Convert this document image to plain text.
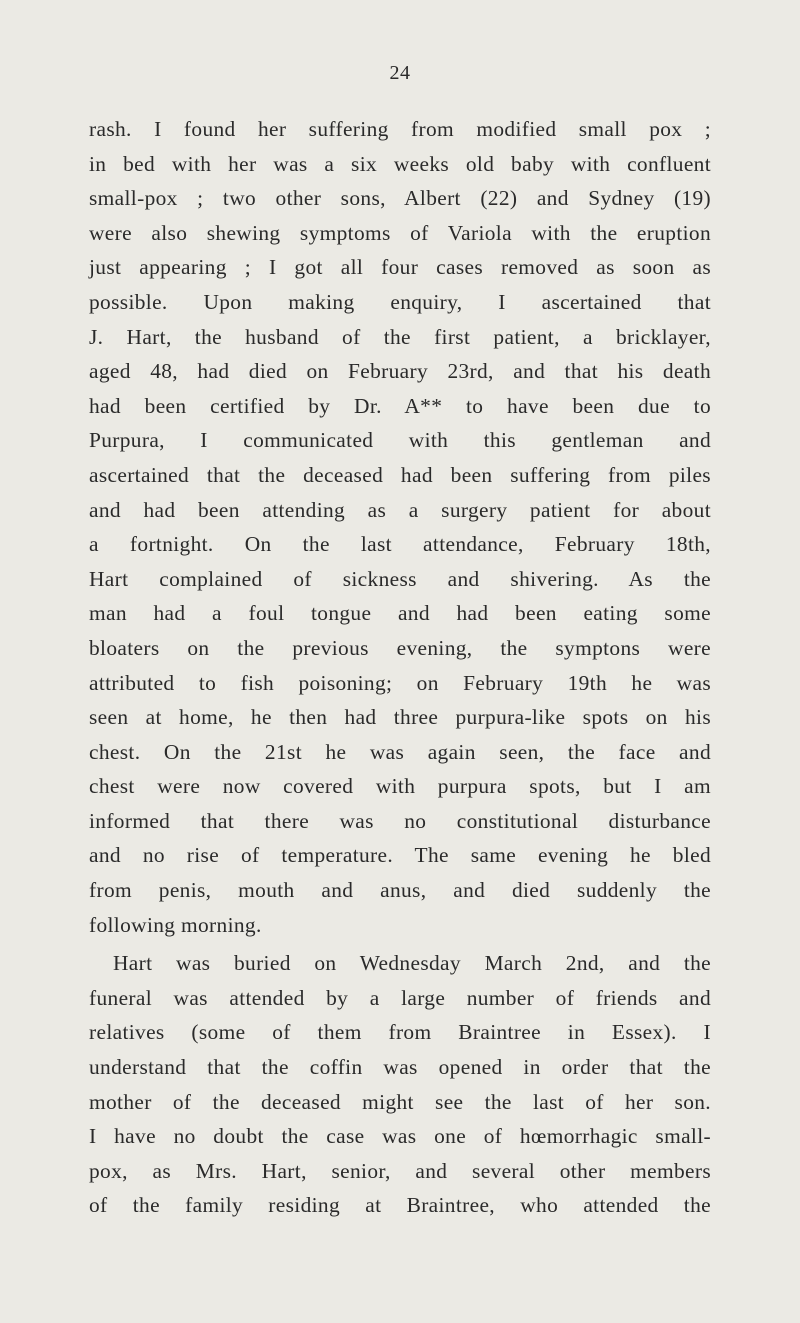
24
rash. I found her suffering from modified small pox ;
in bed with her was a six weeks old baby with confluent
small-pox ; two other sons, Albert (22) and Sydney (19)
were also shewing symptoms of Variola with the eruption
just appearing ; I got all four cases removed as soon as
possible. Upon making enquiry, I ascertained that
J. Hart, the husband of the first patient, a bricklayer,
aged 48, had died on February 23rd, and that his death
had been certified by Dr. A** to have been due to
Purpura, I communicated with this gentleman and
ascertained that the deceased had been suffering from piles
and had been attending as a surgery patient for about
a fortnight. On the last attendance, February 18th,
Hart complained of sickness and shivering. As the
man had a foul tongue and had been eating some
bloaters on the previous evening, the symptons were
attributed to fish poisoning; on February 19th he was
seen at home, he then had three purpura-like spots on his
chest. On the 21st he was again seen, the face and
chest were now covered with purpura spots, but I am
informed that there was no constitutional disturbance
and no rise of temperature. The same evening he bled
from penis, mouth and anus, and died suddenly the
following morning.
Hart was buried on Wednesday March 2nd, and the
funeral was attended by a large number of friends and
relatives (some of them from Braintree in Essex). I
understand that the coffin was opened in order that the
mother of the deceased might see the last of her son.
I have no doubt the case was one of hœmorrhagic small-
pox, as Mrs. Hart, senior, and several other members
of the family residing at Braintree, who attended the
